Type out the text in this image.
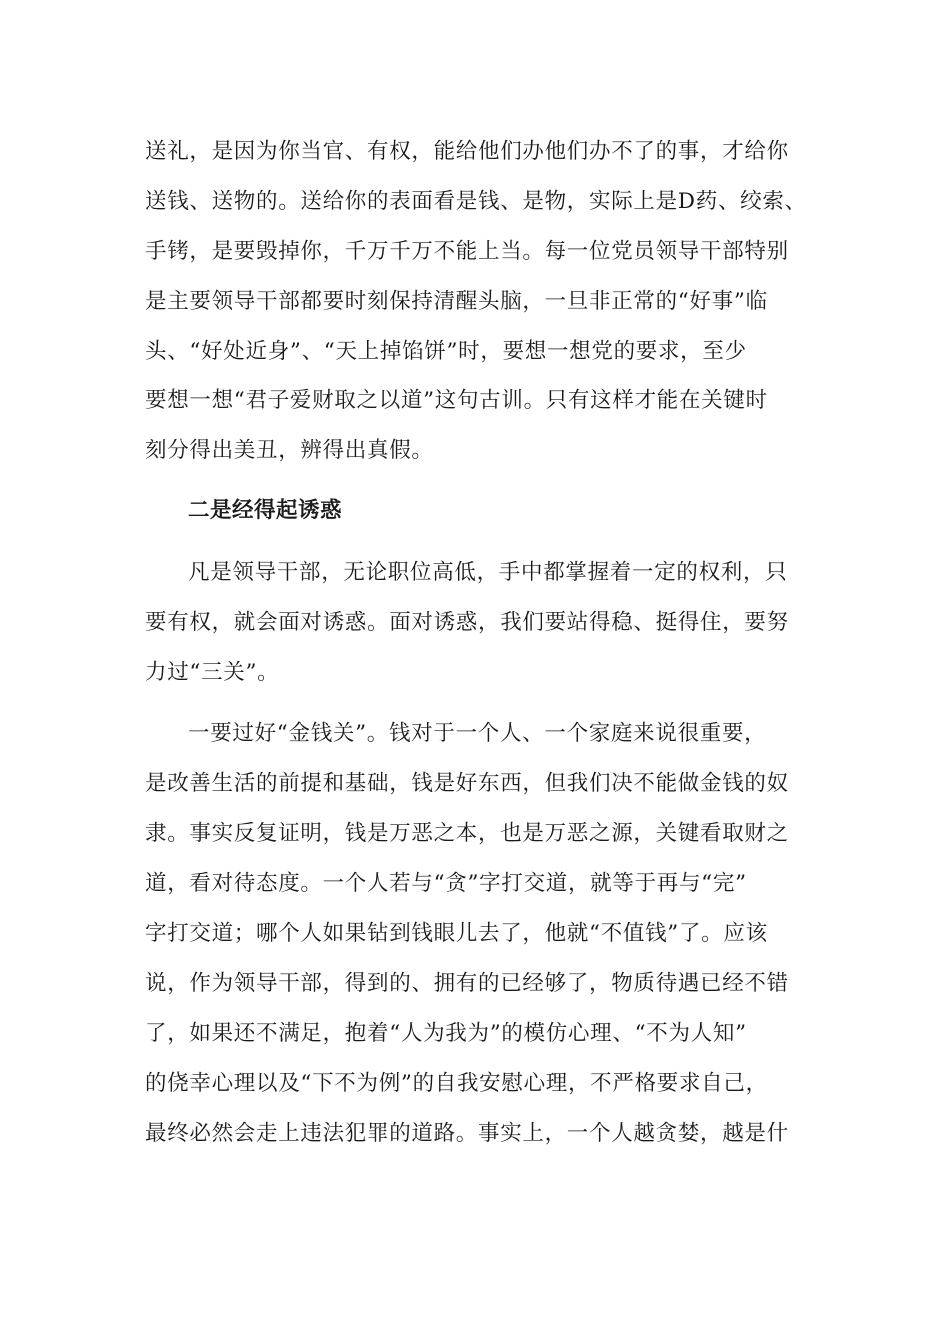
送礼，是因为你当官、有权，能给他们办他们办不了的事，才给你

送钱、送物的。送给你的表面看是钱、是物，实际上是D药、绞索、

手铐，是要毁掉你，千万千万不能上当。每一位党员领导干部特别

是主要领导干部都要时刻保持清醒头脑，一旦非正常的“好事”临

头、“好处近身”、“天上掉馅饼”时，要想一想党的要求，至少

要想一想“君子爱财取之以道”这句古训。只有这样才能在关键时

刻分得出美丑，辨得出真假。

二是经得起诱惑

凡是领导干部，无论职位高低，手中都掌握着一定的权利，只

要有权，就会面对诱惑。面对诱惑，我们要站得稳、挺得住，要努

力过“三关”。

一要过好“金钱关”。钱对于一个人、一个家庭来说很重要，

是改善生活的前提和基础，钱是好东西，但我们决不能做金钱的奴

隶。事实反复证明，钱是万恶之本，也是万恶之源，关键看取财之

道，看对待态度。一个人若与“贪”字打交道，就等于再与“完”

字打交道；哪个人如果钻到钱眼儿去了，他就“不值钱”了。应该

说，作为领导干部，得到的、拥有的已经够了，物质待遇已经不错

了，如果还不满足，抱着“人为我为”的模仿心理、“不为人知”

的侥幸心理以及“下不为例”的自我安慰心理，不严格要求自己，

最终必然会走上违法犯罪的道路。事实上，一个人越贪婪，越是什
